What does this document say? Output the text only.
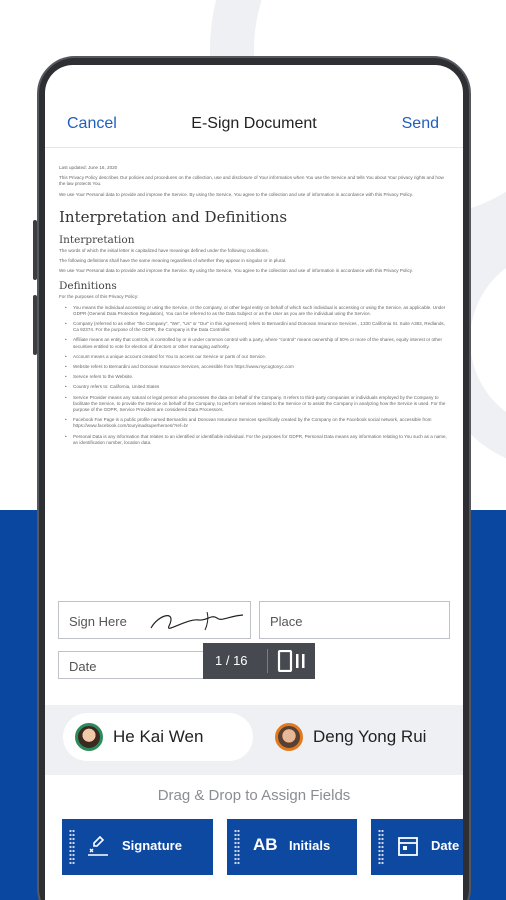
E-Sign Document
Cancel	Send

Last updated: June 16, 2020

This Privacy Policy describes Our policies and procedures on the collection, use and disclosure of Your information when You use the Service and tells You about Your privacy rights and how the law protects You.

We use Your Personal data to provide and improve the Service. By using the Service, You agree to the collection and use of information in accordance with this Privacy Policy.

Interpretation and Definitions
Interpretation

The words of which the initial letter is capitalized have meanings defined under the following conditions.

The following definitions shall have the same meaning regardless of whether they appear in singular or in plural.

We use Your Personal data to provide and improve the Service. By using the Service, You agree to the collection and use of information in accordance with this Privacy Policy.

Definitions

For the purposes of this Privacy Policy:

• You means the individual accessing or using the Service, or the company, or other legal entity on behalf of which such individual is accessing or using the Service, as applicable. Under GDPR (General Data Protection Regulation), You can be referred to as the Data Subject or as the User as you are the individual using the Service.
• Company (referred to as either "the Company", "We", "Us" or "Our" in this Agreement) refers to Bernardini and Donovan Insurance Services , 1330 California St. Suite A383, Redlands, Ca 92374. For the purpose of the GDPR, the Company is the Data Controller.
• Affiliate means an entity that controls, is controlled by or is under common control with a party, where "control" means ownership of 50% or more of the shares, equity interest or other securities entitled to vote for election of directors or other managing authority.
• Account means a unique account created for You to access our Service or parts of our Service.
• Website refers to Bernardini and Donovan Insurance Services, accessible from https://www.mycogtonyc.com
• Service refers to the Website.
• Country refers to: California, United States
• Service Provider means any natural or legal person who processes the data on behalf of the Company. It refers to third-party companies or individuals employed by the Company to facilitate the Service, to provide the Service on behalf of the Company, to perform services related to the Service or to assist the Company in analyzing how the Service is used. For the purpose of the GDPR, Service Providers are considered Data Processors.
• Facebook Fan Page is a public profile named Bernardini and Donovan Insurance Services specifically created by the Company on the Facebook social network, accessible from https://www.facebook.com/touryinadsuperheroes/?ref=br
• Personal Data is any information that relates to an identified or identifiable individual. For the purposes for GDPR, Personal Data means any information relating to You such as a name, an identification number, location data.
Sign Here	Place
Date	1 / 16
He Kai Wen	Deng Yong Rui
Drag & Drop to Assign Fields
Signature	AB Initials	Date
